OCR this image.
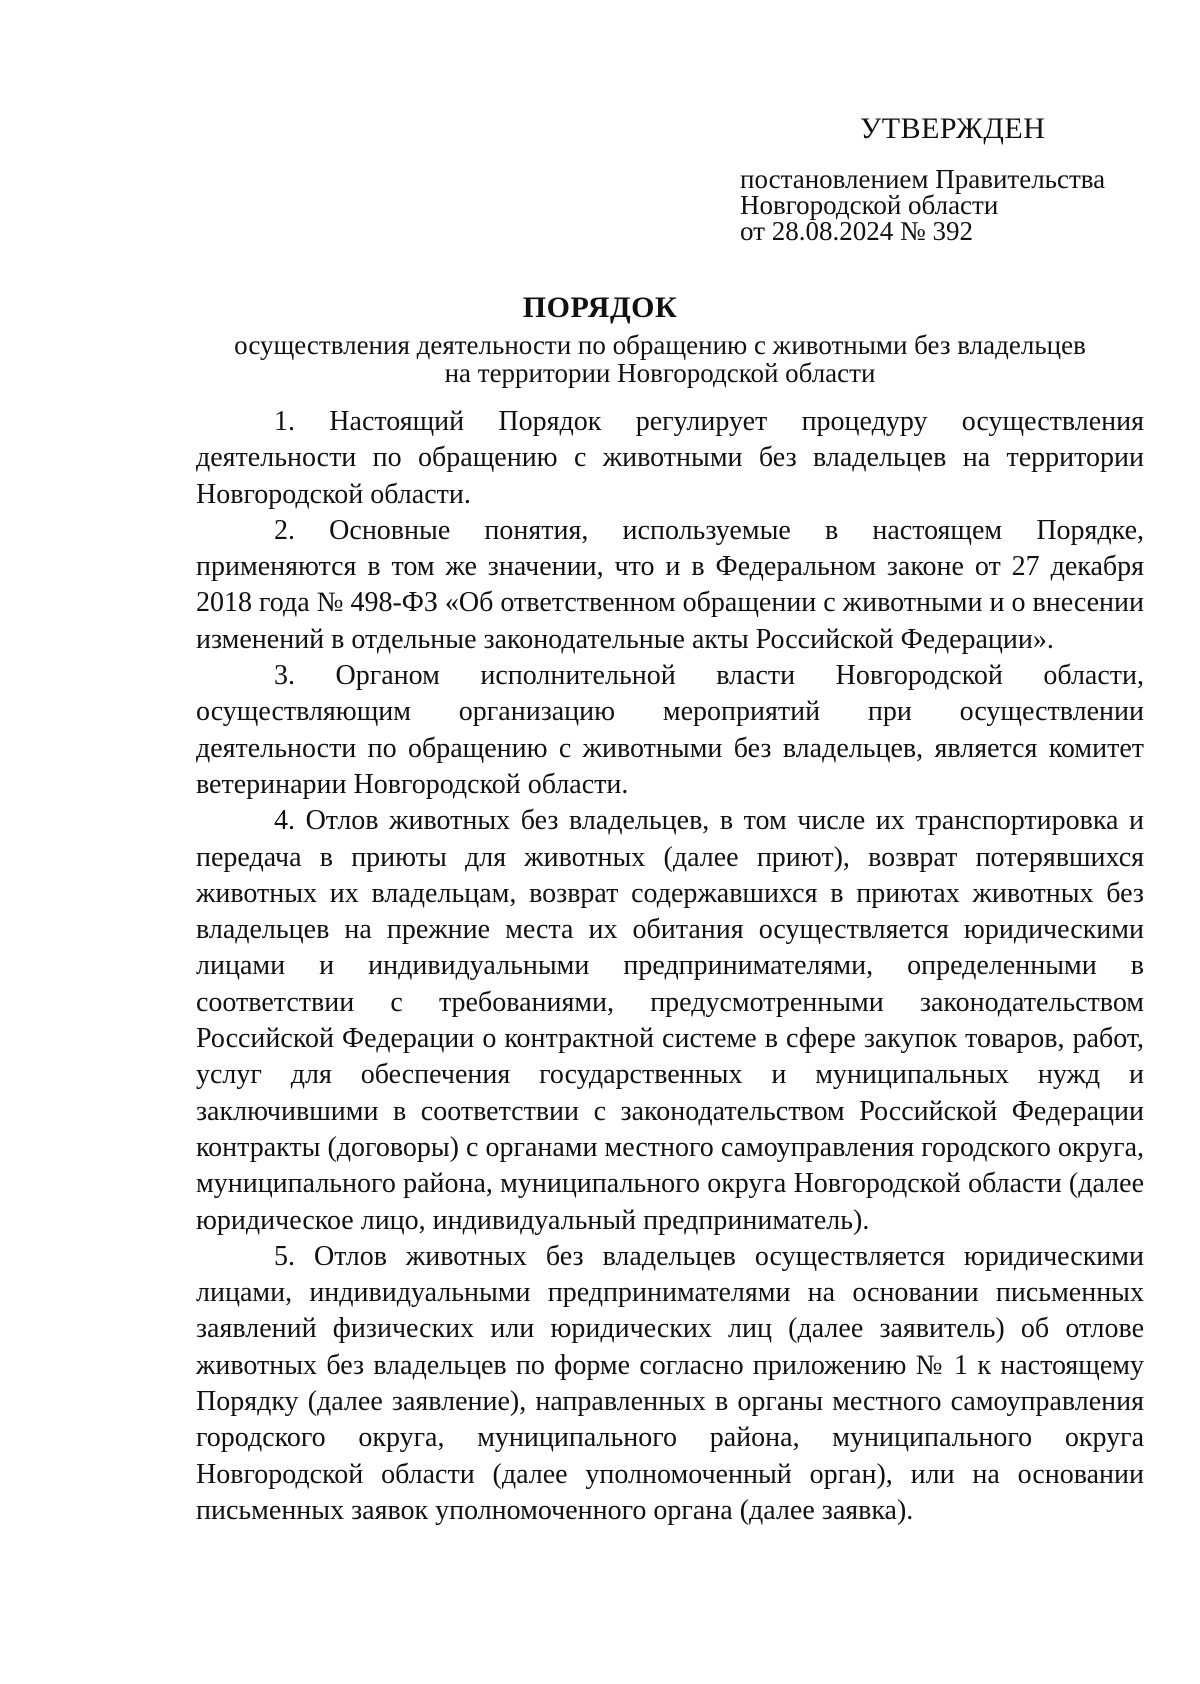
УТВЕРЖДЕН
постановлением Правительства
Новгородской области
от 28.08.2024 № 392
ПОРЯДОК
осуществления деятельности по обращению с животными без владельцев
на территории Новгородской области

1. Настоящий Порядок регулирует процедуру осуществления деятельности по обращению с животными без владельцев на территории Новгородской области.

2. Основные понятия, используемые в настоящем Порядке, применяются в том же значении, что и в Федеральном законе от 27 декабря 2018 года № 498-ФЗ «Об ответственном обращении с животными и о внесении изменений в отдельные законодательные акты Российской Федерации».

3. Органом исполнительной власти Новгородской области, осуществляющим организацию мероприятий при осуществлении деятельности по обращению с животными без владельцев, является комитет ветеринарии Новгородской области.

4. Отлов животных без владельцев, в том числе их транспортировка и передача в приюты для животных (далее приют), возврат потерявшихся животных их владельцам, возврат содержавшихся в приютах животных без владельцев на прежние места их обитания осуществляется юридическими лицами и индивидуальными предпринимателями, определенными в соответствии с требованиями, предусмотренными законодательством Российской Федерации о контрактной системе в сфере закупок товаров, работ, услуг для обеспечения государственных и муниципальных нужд и заключившими в соответствии с законодательством Российской Федерации контракты (договоры) с органами местного самоуправления городского округа, муниципального района, муниципального округа Новгородской области (далее юридическое лицо, индивидуальный предприниматель).

5. Отлов животных без владельцев осуществляется юридическими лицами, индивидуальными предпринимателями на основании письменных заявлений физических или юридических лиц (далее заявитель) об отлове животных без владельцев по форме согласно приложению № 1 к настоящему Порядку (далее заявление), направленных в органы местного самоуправления городского округа, муниципального района, муниципального округа Новгородской области (далее уполномоченный орган), или на основании письменных заявок уполномоченного органа (далее заявка).
